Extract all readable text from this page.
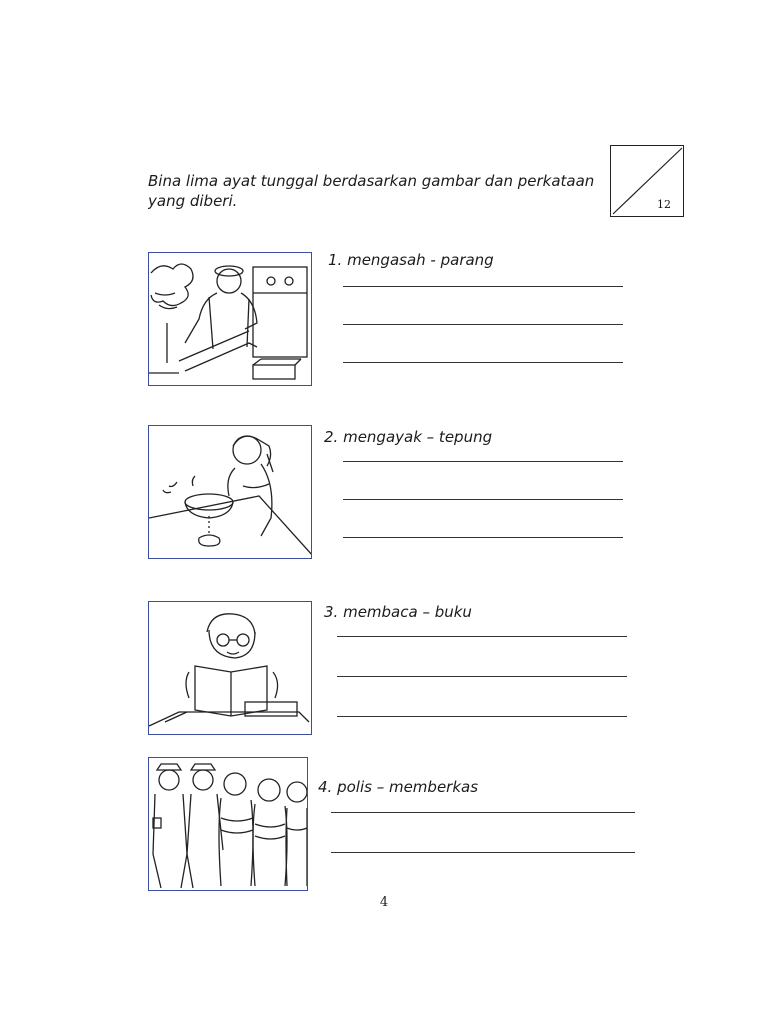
Bina lima ayat tunggal berdasarkan gambar dan perkataan
yang diberi.	12
1. mengasah - parang
2. mengayak – tepung
3. membaca – buku
4. polis – memberkas
4
